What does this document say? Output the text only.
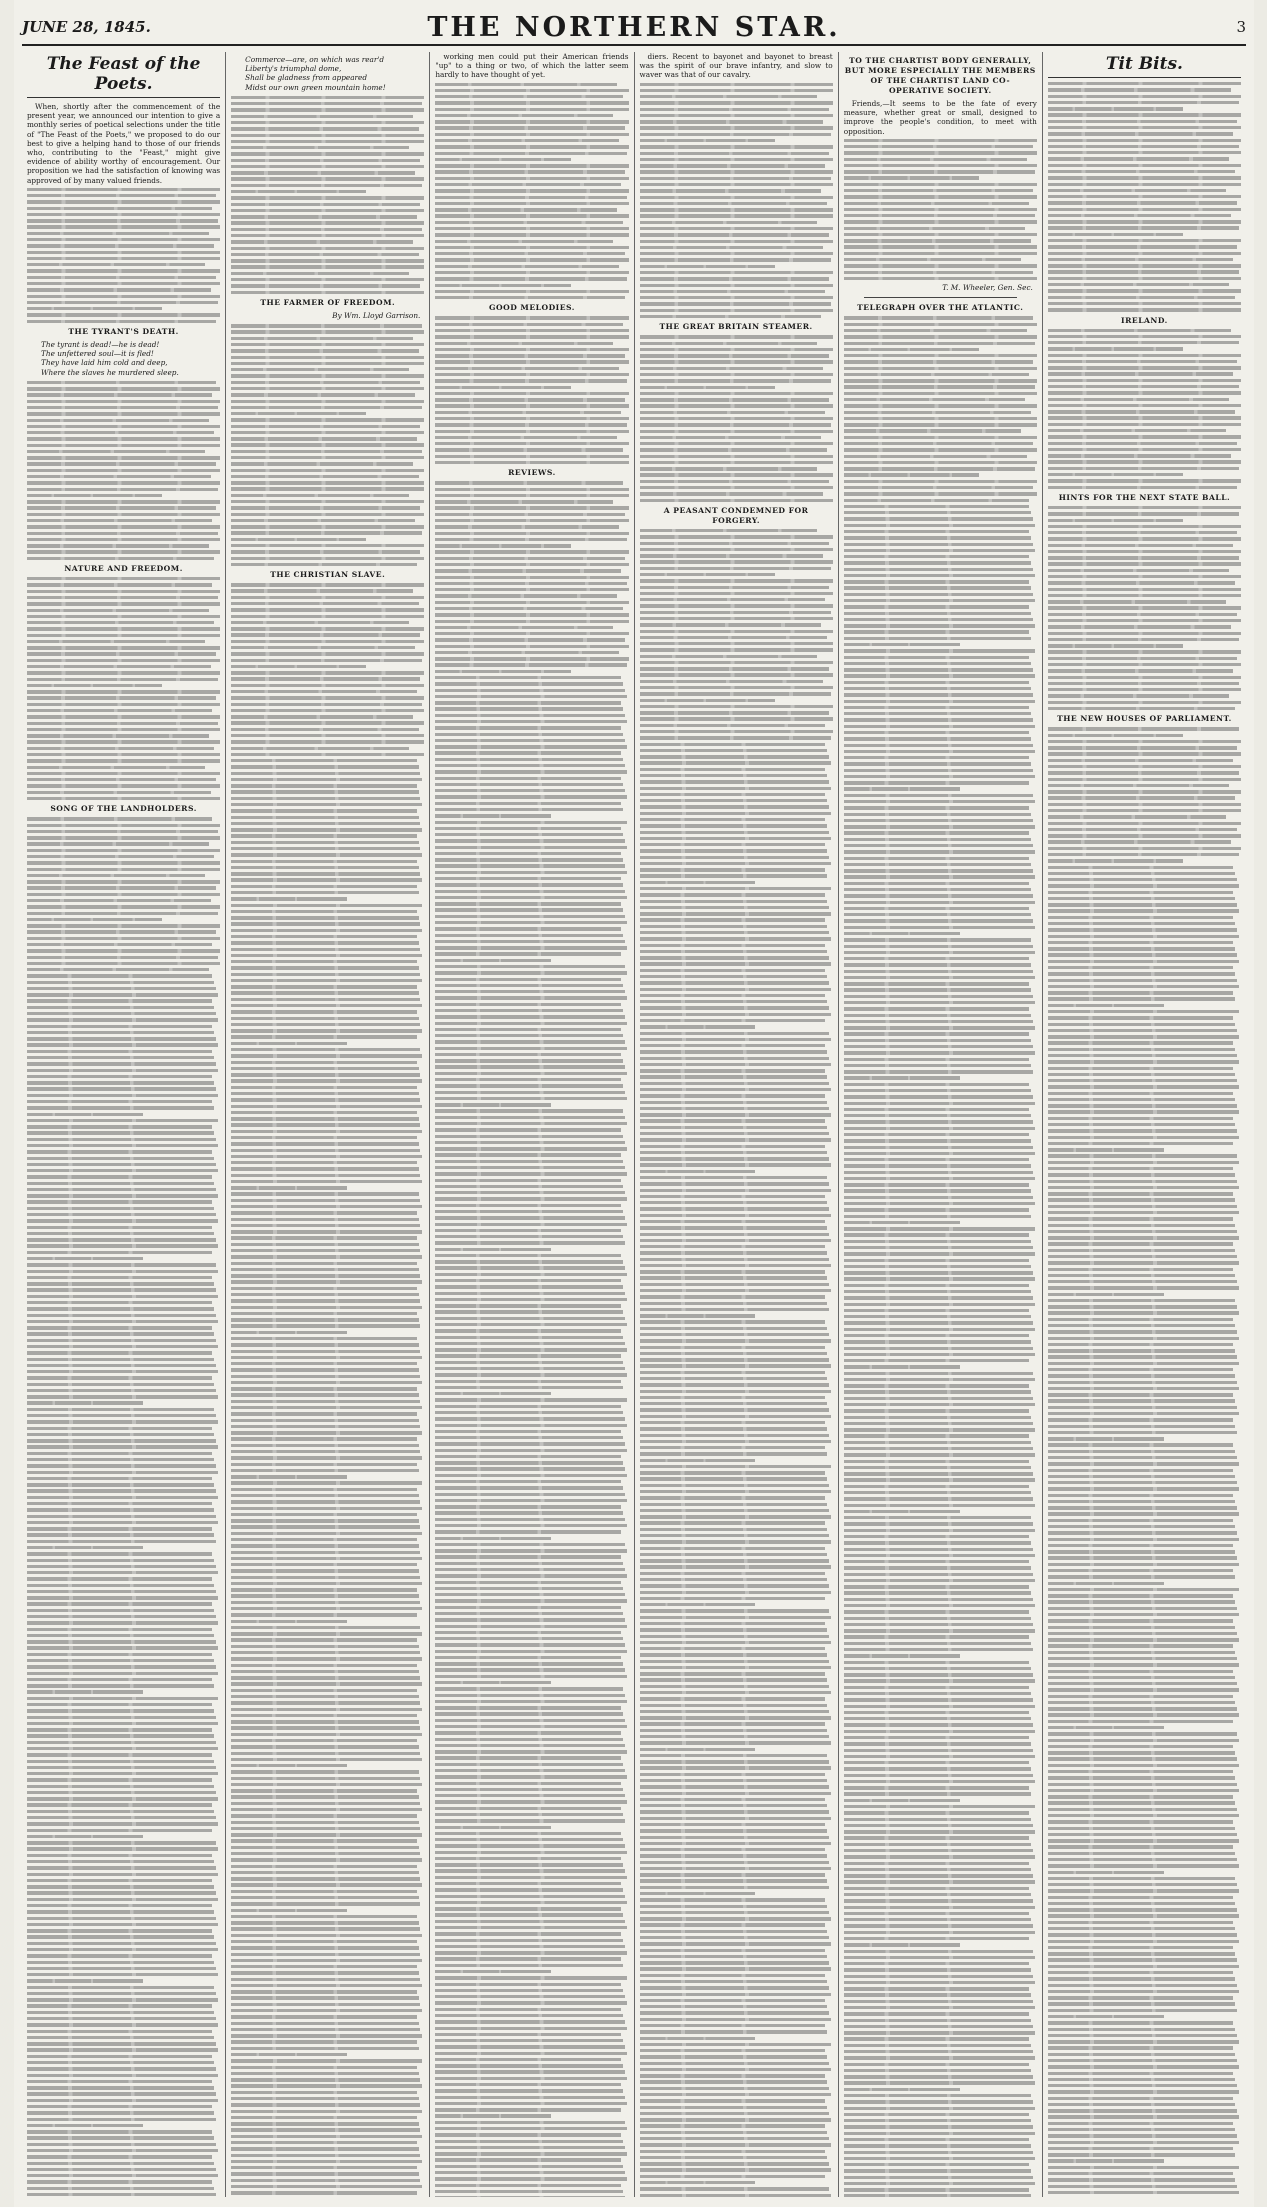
JUNE 28, 1845.	THE NORTHERN STAR.	3
The Feast of the Poets.

When, shortly after the commencement of the present year, we announced our intention to give a monthly series of poetical selections under the title of "The Feast of the Poets," we proposed to do our best to give a helping hand to those of our friends who, contributing to the "Feast," might give evidence of ability worthy of encouragement. Our proposition we had the satisfaction of knowing was approved of by many valued friends.

THE TYRANT'S DEATH.
The tyrant is dead!—he is dead!
The unfettered soul—it is fled!
They have laid him cold and deep,
Where the slaves he murdered sleep.
NATURE AND FREEDOM.
SONG OF THE LANDHOLDERS.
Commerce—are, on which was rear'd
Liberty's triumphal dome,
Shall be gladness from appeared
Midst our own green mountain home!
THE FARMER OF FREEDOM.
By Wm. Lloyd Garrison.
THE CHRISTIAN SLAVE.

working men could put their American friends "up" to a thing or two, of which the latter seem hardly to have thought of yet.

GOOD MELODIES.
REVIEWS.

diers. Recent to bayonet and bayonet to breast was the spirit of our brave infantry, and slow to waver was that of our cavalry.

THE GREAT BRITAIN STEAMER.
A PEASANT CONDEMNED FOR FORGERY.
TO THE CHARTIST BODY GENERALLY, BUT MORE ESPECIALLY THE MEMBERS OF THE CHARTIST LAND CO-OPERATIVE SOCIETY.

Friends,—It seems to be the fate of every measure, whether great or small, designed to improve the people's condition, to meet with opposition.

T. M. Wheeler, Gen. Sec.
TELEGRAPH OVER THE ATLANTIC.
Tit Bits.
IRELAND.
HINTS FOR THE NEXT STATE BALL.
THE NEW HOUSES OF PARLIAMENT.
